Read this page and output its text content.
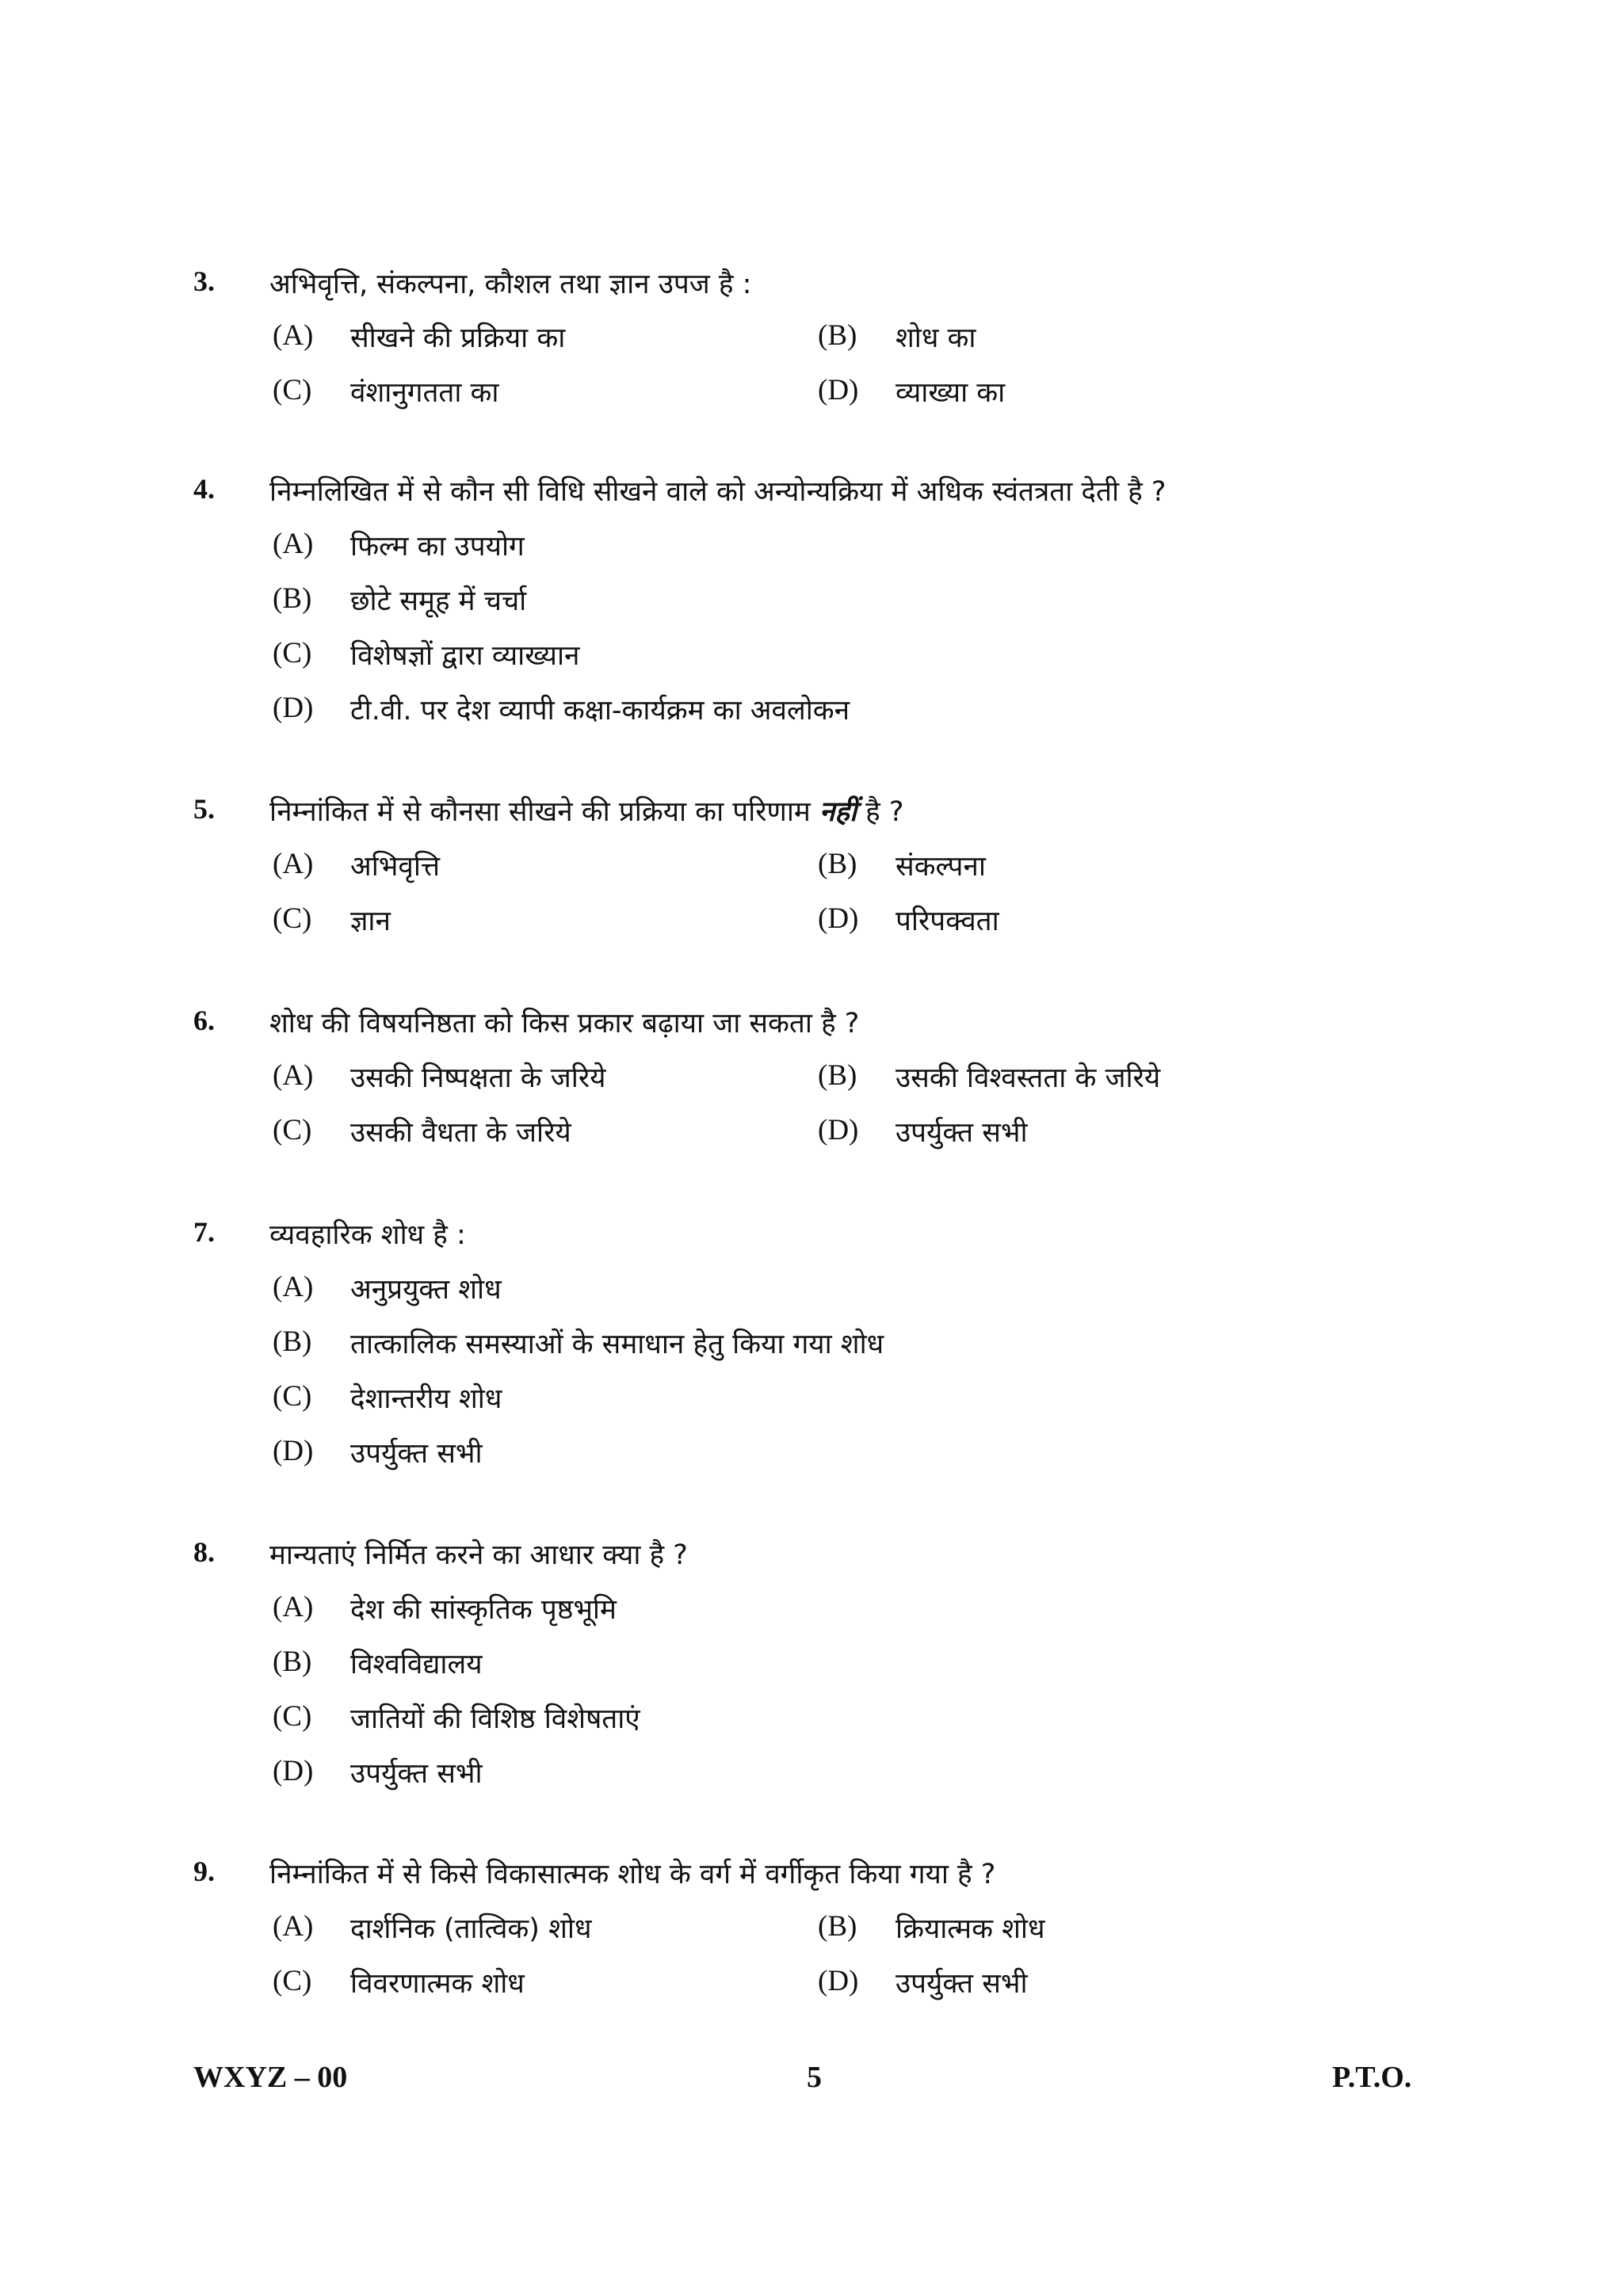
3. अभिवृत्ति, संकल्पना, कौशल तथा ज्ञान उपज है :
(A) सीखने की प्रक्रिया का	(B) शोध का
(C) वंशानुगतता का	(D) व्याख्या का
4. निम्नलिखित में से कौन सी विधि सीखने वाले को अन्योन्यक्रिया में अधिक स्वंतत्रता देती है ?
(A) फिल्म का उपयोग
(B) छोटे समूह में चर्चा
(C) विशेषज्ञों द्वारा व्याख्यान
(D) टी.वी. पर देश व्यापी कक्षा-कार्यक्रम का अवलोकन
5. निम्नांकित में से कौनसा सीखने की प्रक्रिया का परिणाम नहीं है ?
(A) अभिवृत्ति	(B) संकल्पना
(C) ज्ञान	(D) परिपक्वता
6. शोध की विषयनिष्ठता को किस प्रकार बढ़ाया जा सकता है ?
(A) उसकी निष्पक्षता के जरिये	(B) उसकी विश्वस्तता के जरिये
(C) उसकी वैधता के जरिये	(D) उपर्युक्त सभी
7. व्यवहारिक शोध है :
(A) अनुप्रयुक्त शोध
(B) तात्कालिक समस्याओं के समाधान हेतु किया गया शोध
(C) देशान्तरीय शोध
(D) उपर्युक्त सभी
8. मान्यताएं निर्मित करने का आधार क्या है ?
(A) देश की सांस्कृतिक पृष्ठभूमि
(B) विश्वविद्यालय
(C) जातियों की विशिष्ठ विशेषताएं
(D) उपर्युक्त सभी
9. निम्नांकित में से किसे विकासात्मक शोध के वर्ग में वर्गीकृत किया गया है ?
(A) दार्शनिक (तात्विक) शोध	(B) क्रियात्मक शोध
(C) विवरणात्मक शोध	(D) उपर्युक्त सभी
WXYZ – 00	5	P.T.O.
